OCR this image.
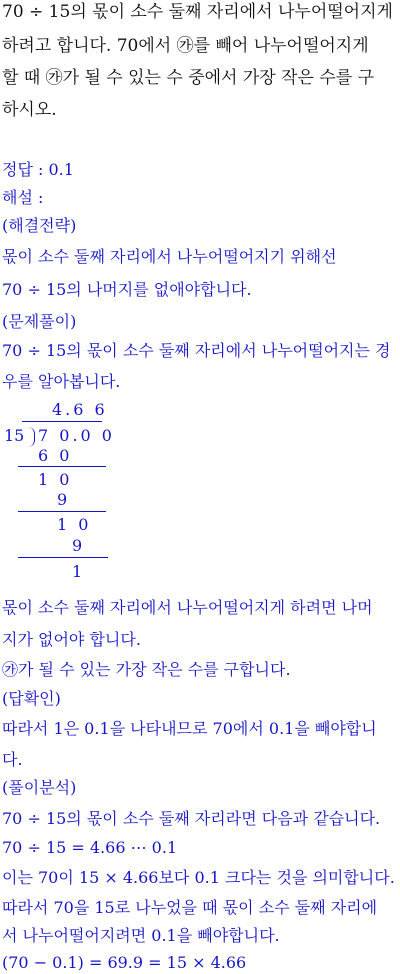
70 ÷ 15의 몫이 소수 둘째 자리에서 나누어떨어지게
하려고 합니다. 70에서 ㉮를 빼어 나누어떨어지게
할 때 ㉮가 될 수 있는 수 중에서 가장 작은 수를 구
하시오.
정답 : 0.1
해설 :
(해결전략)
몫이 소수 둘째 자리에서 나누어떨어지기 위해선
70 ÷ 15의 나머지를 없애야합니다.
(문제풀이)
70 ÷ 15의 몫이 소수 둘째 자리에서 나누어떨어지는 경
우를 알아봅니다.
4.6 6
15 7 0.0 0
6 0
1 0
9
1 0
9
1
몫이 소수 둘째 자리에서 나누어떨어지게 하려면 나머
지가 없어야 합니다.
㉮가 될 수 있는 가장 작은 수를 구합니다.
(답확인)
따라서 1은 0.1을 나타내므로 70에서 0.1을 빼야합니
다.
(풀이분석)
70 ÷ 15의 몫이 소수 둘째 자리라면 다음과 같습니다.
70 ÷ 15 = 4.66 ⋯ 0.1
이는 70이 15 × 4.66보다 0.1 크다는 것을 의미합니다.
따라서 70을 15로 나누었을 때 몫이 소수 둘째 자리에
서 나누어떨어지려면 0.1을 빼야합니다.
(70 − 0.1) = 69.9 = 15 × 4.66
